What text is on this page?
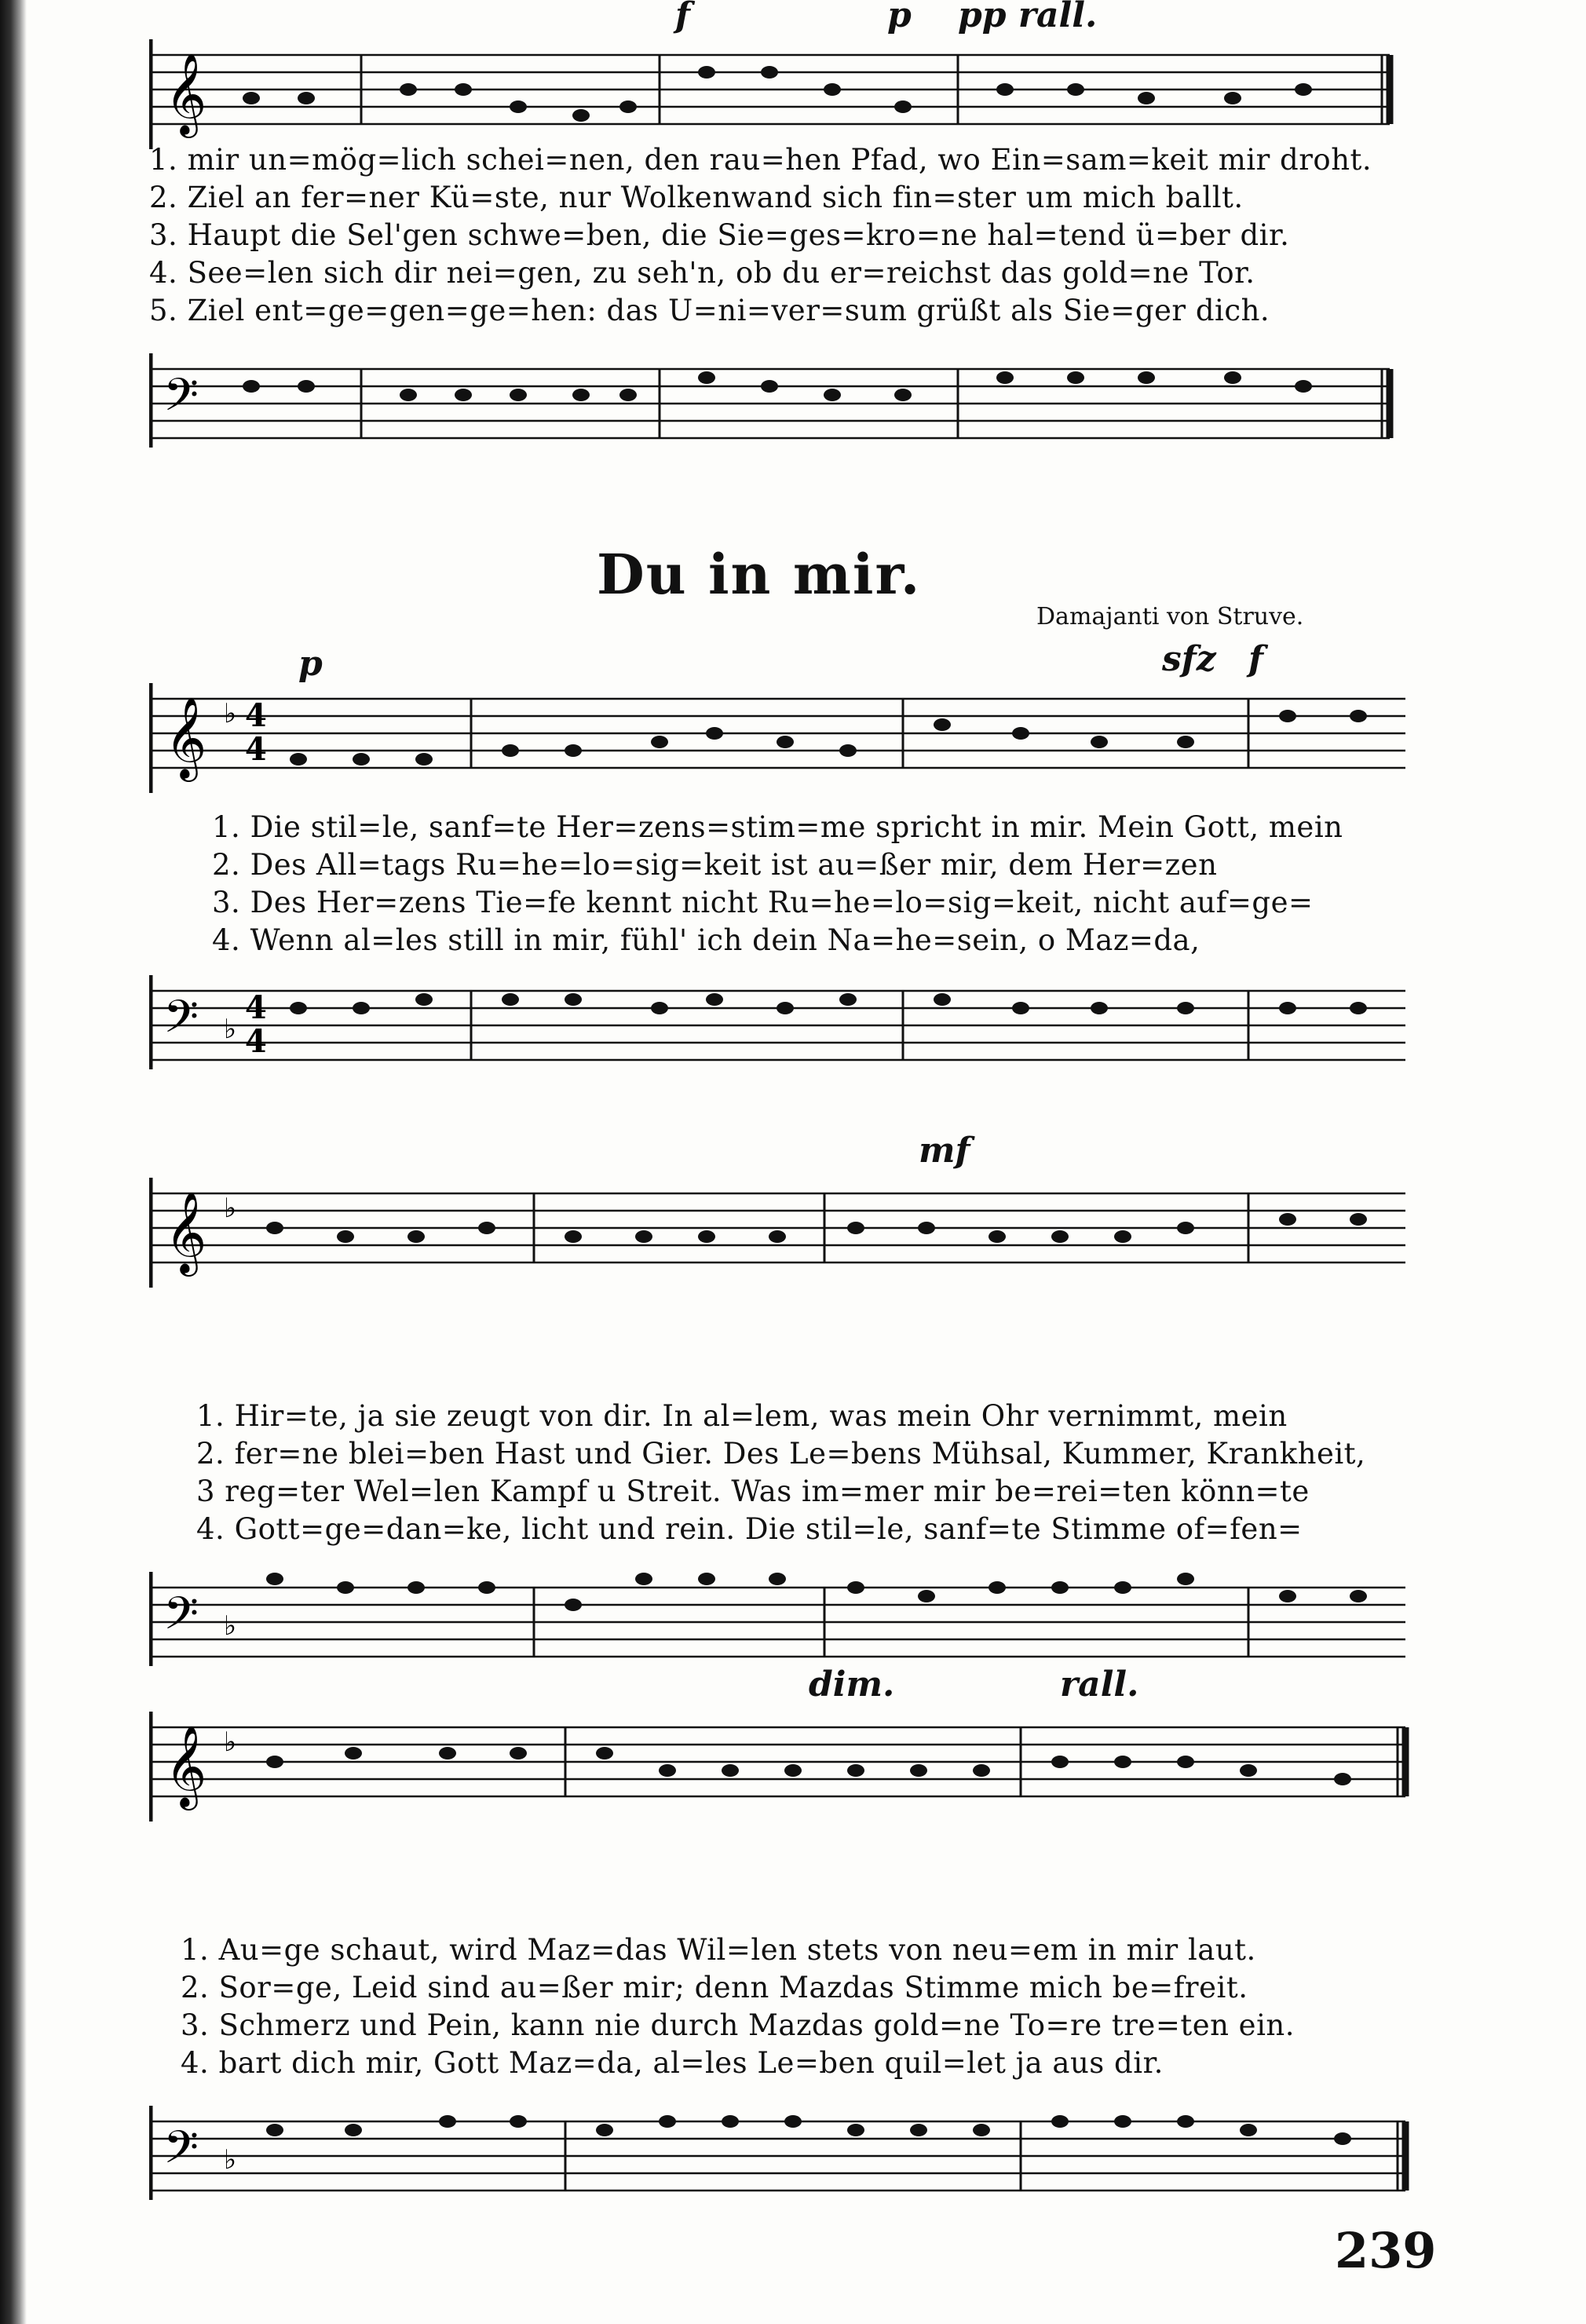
f	p pp rall.
𝄞
1. mir un=mög=lich schei=nen, den rau=hen Pfad, wo Ein=sam=keit mir droht.
2. Ziel an fer=ner Kü=ste, nur Wolkenwand sich fin=ster um mich ballt.
3. Haupt die Sel'gen schwe=ben, die Sie=ges=kro=ne hal=tend ü=ber dir.
4. See=len sich dir nei=gen, zu seh'n, ob du er=reichst das gold=ne Tor.
5. Ziel ent=ge=gen=ge=hen: das U=ni=ver=sum grüßt als Sie=ger dich.
𝄢
Du in mir.
Damajanti von Struve.
p	sfz f
𝄞 ♭ 4
4
1. Die stil=le, sanf=te Her=zens=stim=me spricht in mir. Mein Gott, mein
2. Des All=tags Ru=he=lo=sig=keit ist au=ßer mir, dem Her=zen
3. Des Her=zens Tie=fe kennt nicht Ru=he=lo=sig=keit, nicht auf=ge=
4. Wenn al=les still in mir, fühl' ich dein Na=he=sein, o Maz=da,
𝄢 ♭
4
4
mf
𝄞 ♭
1. Hir=te, ja sie zeugt von dir. In al=lem, was mein Ohr vernimmt, mein
2. fer=ne blei=ben Hast und Gier. Des Le=bens Mühsal, Kummer, Krankheit,
3 reg=ter Wel=len Kampf u Streit. Was im=mer mir be=rei=ten könn=te
4. Gott=ge=dan=ke, licht und rein. Die stil=le, sanf=te Stimme of=fen=
𝄢 ♭
dim.	rall.
𝄞 ♭
1. Au=ge schaut, wird Maz=das Wil=len stets von neu=em in mir laut.
2. Sor=ge, Leid sind au=ßer mir; denn Mazdas Stimme mich be=freit.
3. Schmerz und Pein, kann nie durch Mazdas gold=ne To=re tre=ten ein.
4. bart dich mir, Gott Maz=da, al=les Le=ben quil=let ja aus dir.
𝄢 ♭
239
